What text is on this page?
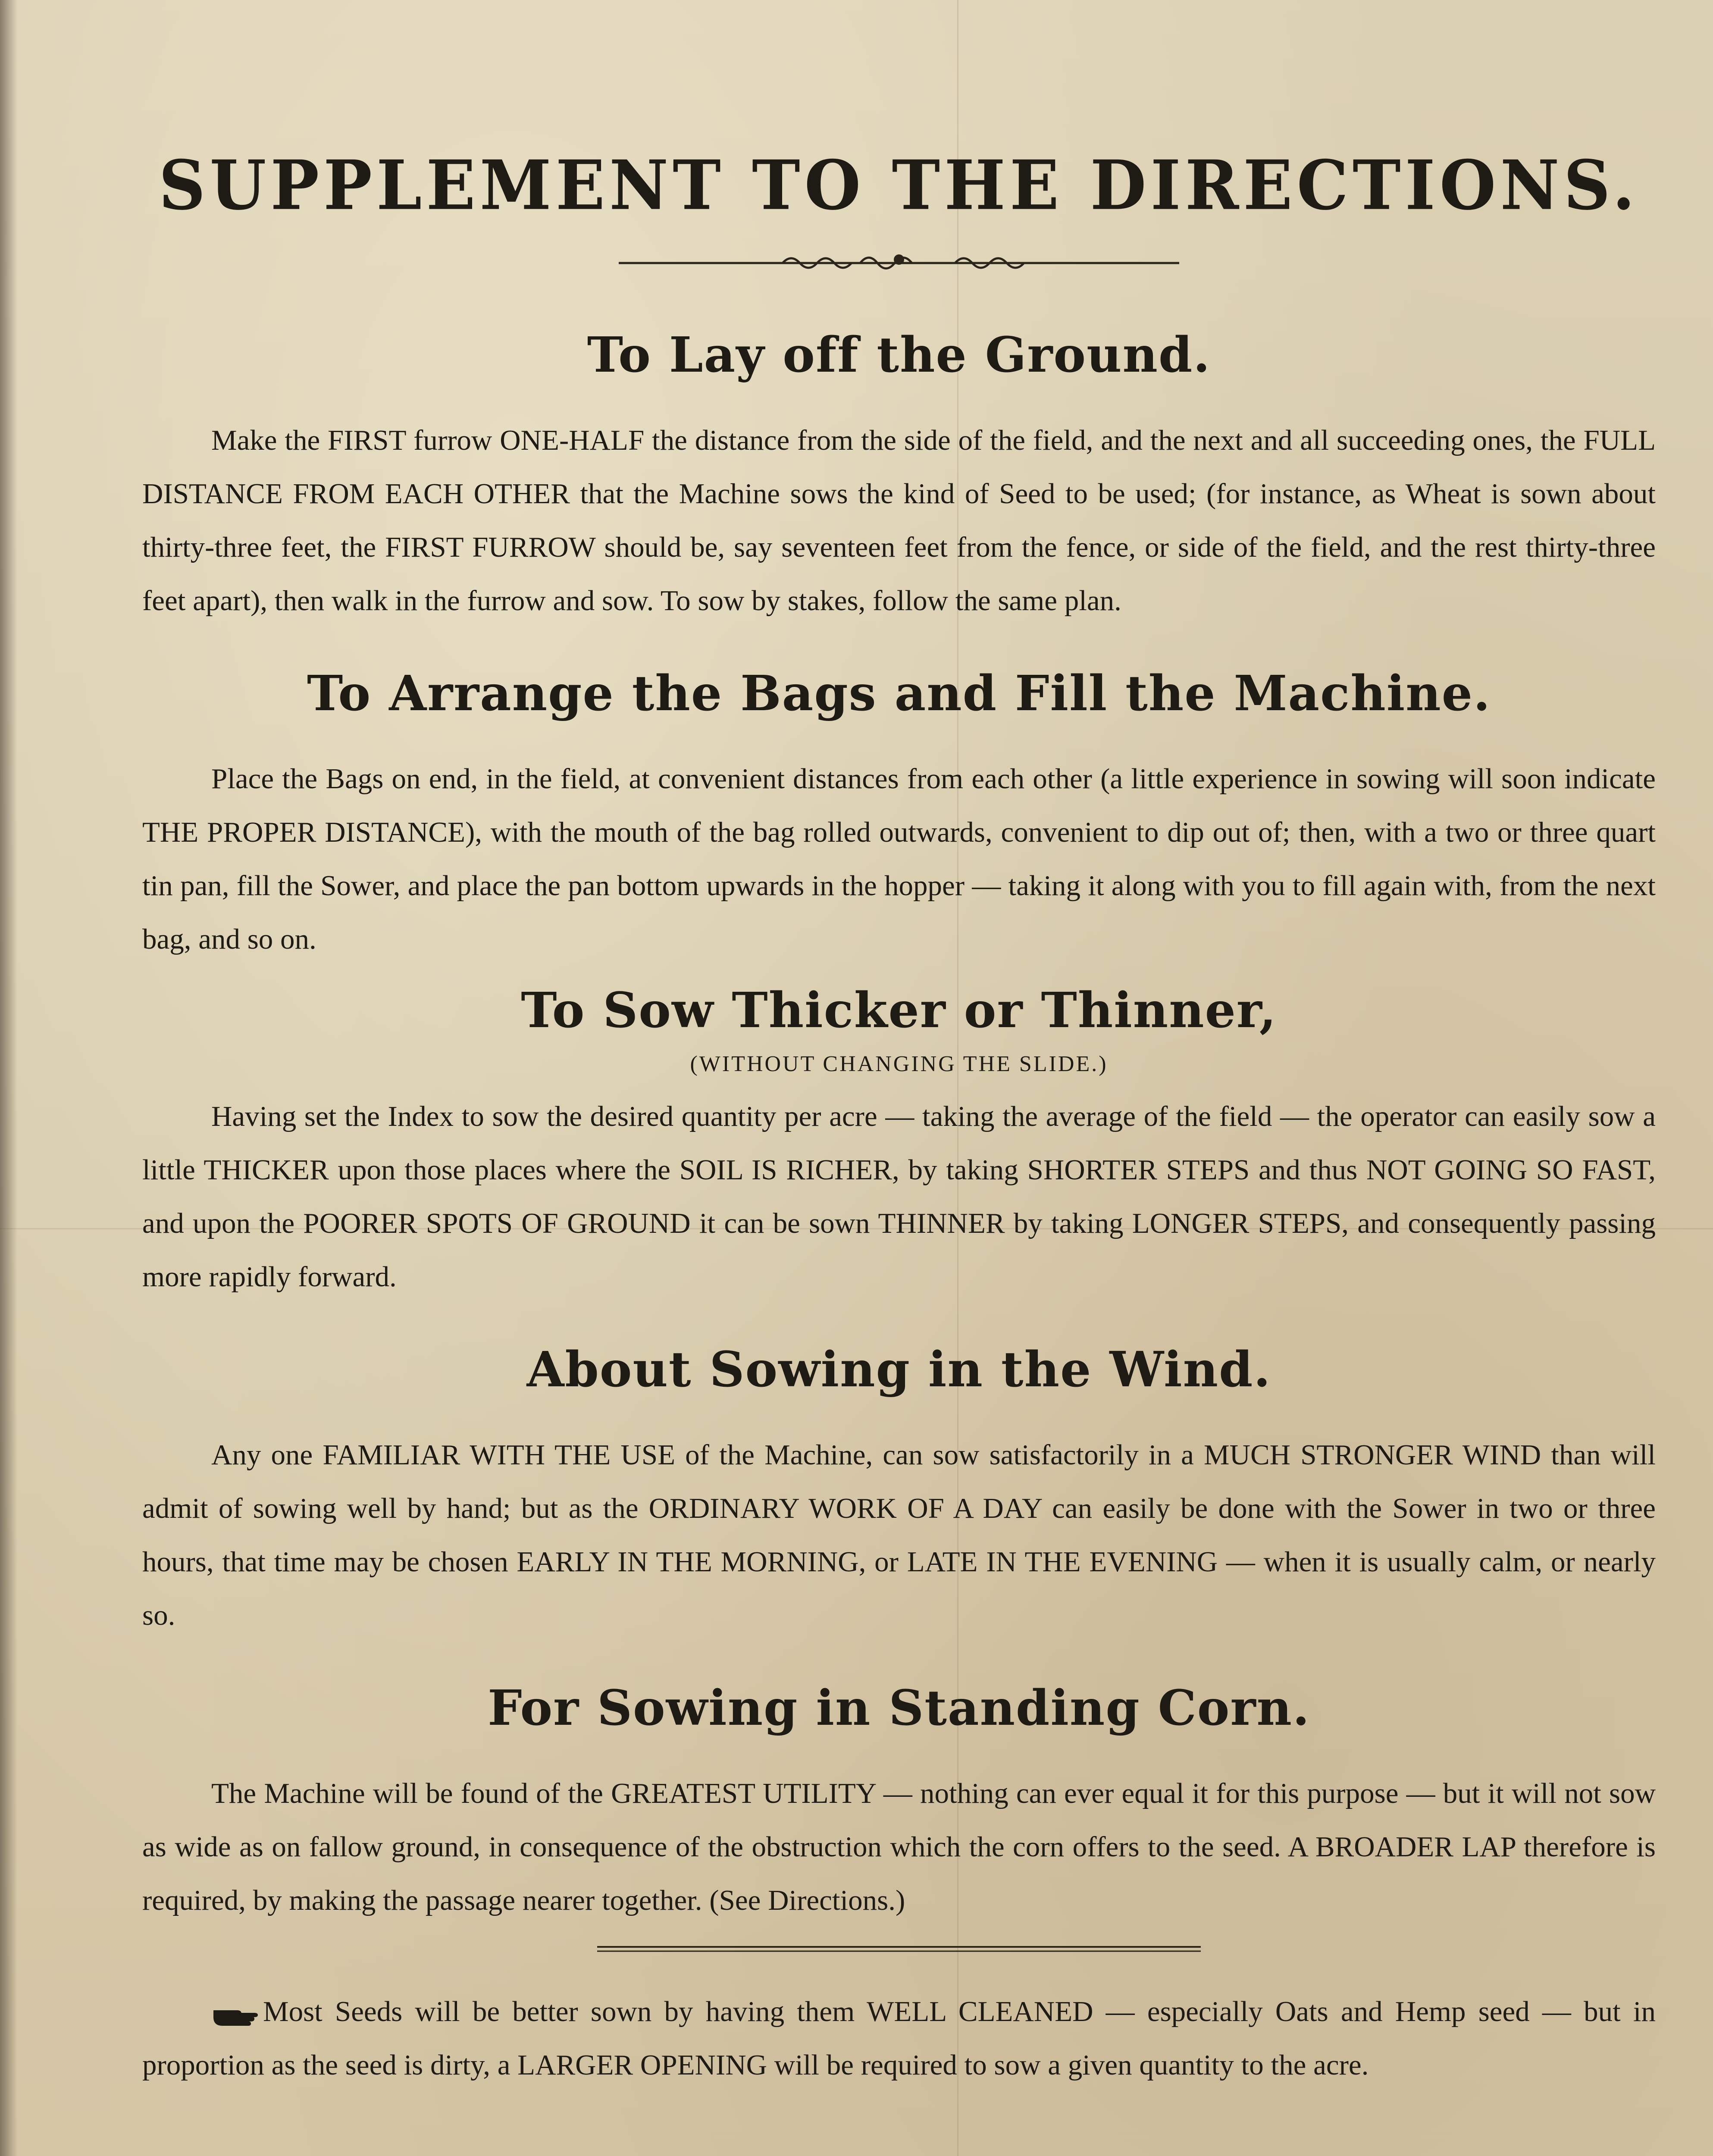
SUPPLEMENT TO THE DIRECTIONS.
To Lay off the Ground.

Make the FIRST furrow ONE-HALF the distance from the side of the field, and the next and all succeeding ones, the FULL DISTANCE FROM EACH OTHER that the Machine sows the kind of Seed to be used; (for instance, as Wheat is sown about thirty-three feet, the FIRST FURROW should be, say seventeen feet from the fence, or side of the field, and the rest thirty-three feet apart), then walk in the furrow and sow. To sow by stakes, follow the same plan.

To Arrange the Bags and Fill the Machine.

Place the Bags on end, in the field, at convenient distances from each other (a little experience in sowing will soon indicate THE PROPER DISTANCE), with the mouth of the bag rolled outwards, convenient to dip out of; then, with a two or three quart tin pan, fill the Sower, and place the pan bottom upwards in the hopper — taking it along with you to fill again with, from the next bag, and so on.

To Sow Thicker or Thinner,
(WITHOUT CHANGING THE SLIDE.)

Having set the Index to sow the desired quantity per acre — taking the average of the field — the operator can easily sow a little THICKER upon those places where the SOIL IS RICHER, by taking SHORTER STEPS and thus NOT GOING SO FAST, and upon the POORER SPOTS OF GROUND it can be sown THINNER by taking LONGER STEPS, and consequently passing more rapidly forward.

About Sowing in the Wind.

Any one FAMILIAR WITH THE USE of the Machine, can sow satisfactorily in a MUCH STRONGER WIND than will admit of sowing well by hand; but as the ORDINARY WORK OF A DAY can easily be done with the Sower in two or three hours, that time may be chosen EARLY IN THE MORNING, or LATE IN THE EVENING — when it is usually calm, or nearly so.

For Sowing in Standing Corn.

The Machine will be found of the GREATEST UTILITY — nothing can ever equal it for this purpose — but it will not sow as wide as on fallow ground, in consequence of the obstruction which the corn offers to the seed. A BROADER LAP therefore is required, by making the passage nearer together. (See Directions.)

Most Seeds will be better sown by having them WELL CLEANED — especially Oats and Hemp seed — but in proportion as the seed is dirty, a LARGER OPENING will be required to sow a given quantity to the acre.
